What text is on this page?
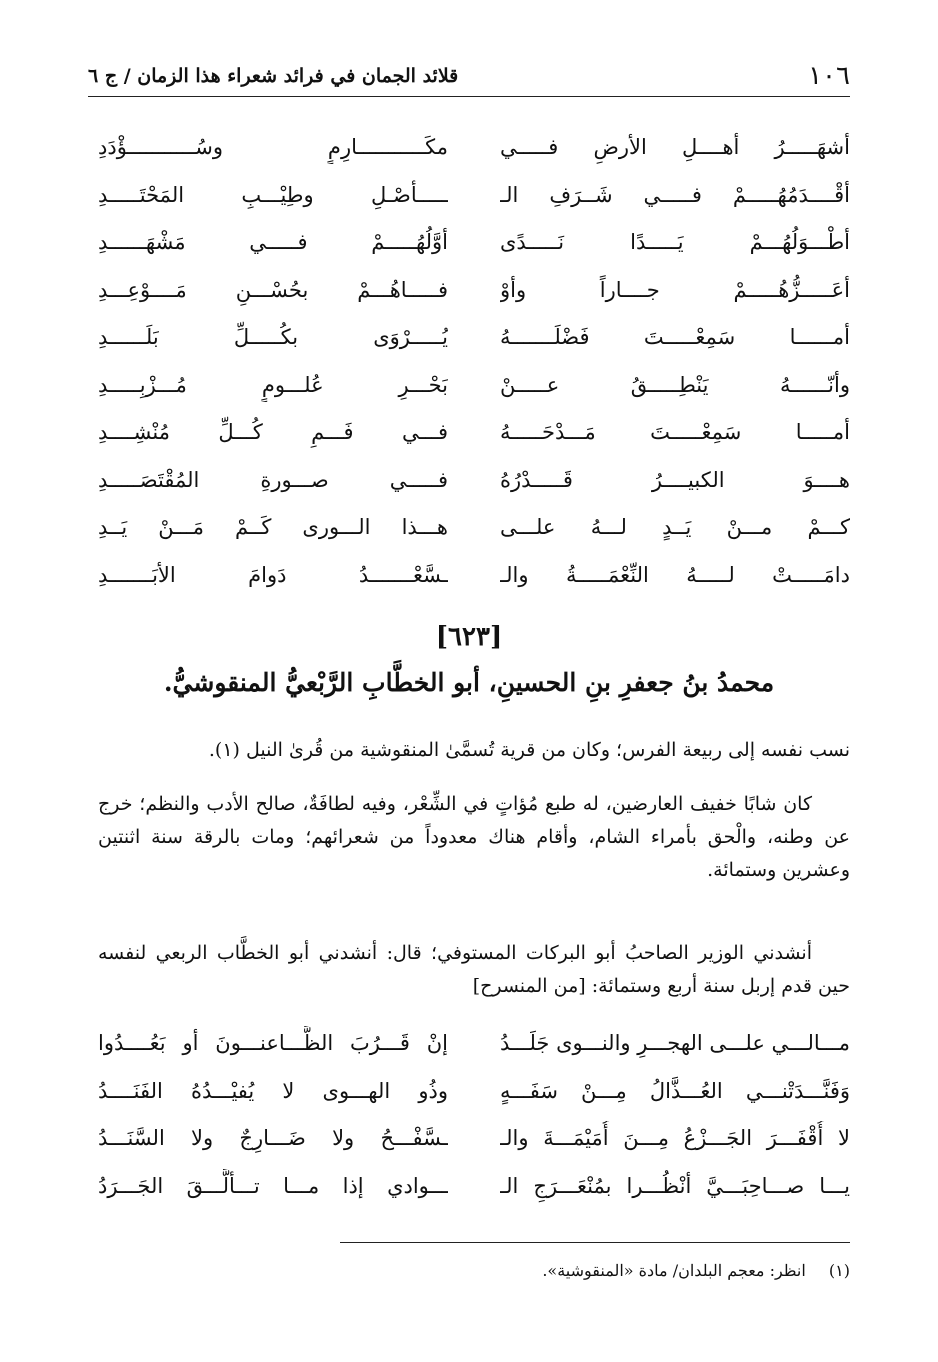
١٠٦
قلائد الجمان في فرائد شعراء هذا الزمان / ج ٦
أشهَـــــرُ أهــــلِ الأرضِ فـــــي
مكَـــــــــــارِمٍ وسُـــــــــــؤْدَدِ
أقْــــدَمُهُـــــمْ فـــــي شَــرَفِ الـ
ـــــأصْـلِ وطِيْـــبِ المَحْتَـــــدِ
أطْـــوَلُهُـــمْ يَـــــدًا نَـــــدًى
أوَّلُهُـــــمْ فـــــي مَشْهَــــــدِ
أعَـــــزُّهُـــــمْ جــــاراً وأوْ
فـــــاهُـــمْ بحُسْـــنِ مَــــوْعِـــدِ
أمــــــا سَمِعْـــــتَ فَضْلَـــــــهُ
يُـــــرْوَى بكُـــــلِّ بَلَــــــدِ
وأنّــــــهُ يَنْطِـــــقُ عـــــنْ
بَحْـــرِ عُلـــومٍ مُـــزْبِـــــدِ
أمـــــا سَمِعْـــــتَ مَـــدْحَـــــهُ
فـــي فَـــمِ كُـــلِّ مُنْشِــــدِ
هــــوَ الكبيــــرُ قَـــــدْرُهُ
فـــــي صـــورةِ المُقْتَصَـــــدِ
كـــمْ مـــنْ يَــدٍ لـــهُ علـــى
هـــذا الـــورى كَــمْ مَـــنْ يَــدِ
دامَـــــتْ لـــــهُ النِّعْمَـــــةُ والـ
ـسَّعْـــــــدُ دَوامَ الأبَـــــــدِ
[٦٢٣]
محمدُ بنُ جعفرِ بنِ الحسينِ، أبو الخطَّابِ الرَّبْعيُّ المنقوشيُّ.
نسب نفسه إلى ربيعة الفرس؛ وكان من قرية تُسمَّىٰ المنقوشية من قُرىٰ النيل (١).
كان شابًا خفيف العارضين، له طبع مُؤاتٍ في الشِّعْر، وفيه لطافَةٌ، صالح الأدب والنظم؛ خرج عن وطنه، والْحق بأمراء الشام، وأقام هناك معدوداً من شعرائهم؛ ومات بالرقة سنة اثنتين وعشرين وستمائة.
أنشدني الوزير الصاحبُ أبو البركات المستوفي؛ قال: أنشدني أبو الخطَّاب الربعي لنفسه حين قدم إربل سنة أربع وستمائة: [من المنسرح]
مـــالـــي علـــى الهجـــرِ والنـــوى جَلَـــدُ
إنْ قَـــرُبَ الظَّـــاعنـــونَ أو بَعُــــدُوا
وَفَنَّـــدَتْنـــي العُـــذَّالُ مِـــنْ سَفَـــهٍ
وذُو الهـــوى لا يُفيْـــدُهُ الفَنَــــدُ
لا أُقْفَـــرَ الجَـــزْعُ مِـــنَ أُمَيْمَـــةَ والـ
ـسَّفْـــحُ ولا ضَـــارِجٌ ولا السَّنَـــدُ
يـــا صـــاحِبَـــيَّ أنْظُـــرا بمُنْعَـــرَجِ الـ
ـــوادي إذا مـــا تـــألَّـــقَ الجَـــرَدُ
(١) انظر: معجم البلدان/ مادة «المنقوشية».
